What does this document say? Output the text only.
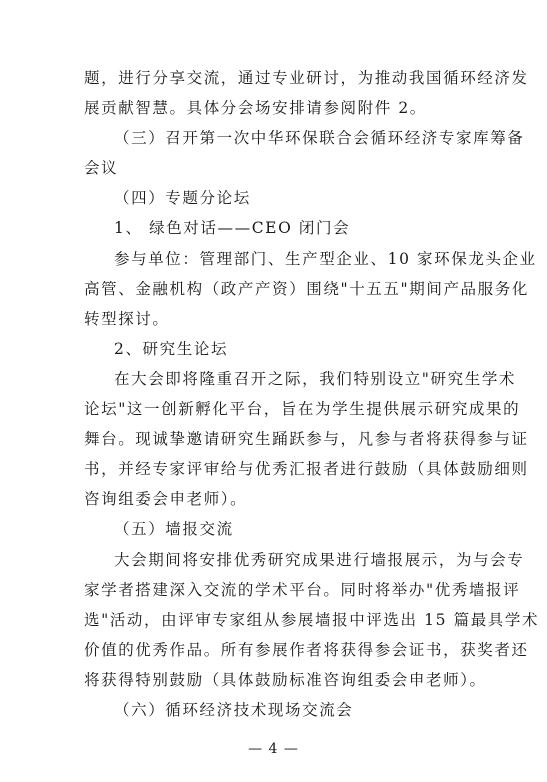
题，进行分享交流，通过专业研讨，为推动我国循环经济发
展贡献智慧。具体分会场安排请参阅附件 2。
（三）召开第一次中华环保联合会循环经济专家库筹备
会议
（四）专题分论坛
1、 绿色对话——CEO 闭门会
参与单位：管理部门、生产型企业、10 家环保龙头企业
高管、金融机构（政产产资）围绕"十五五"期间产品服务化
转型探讨。
2、研究生论坛
在大会即将隆重召开之际，我们特别设立"研究生学术
论坛"这一创新孵化平台，旨在为学生提供展示研究成果的
舞台。现诚挚邀请研究生踊跃参与，凡参与者将获得参与证
书，并经专家评审给与优秀汇报者进行鼓励（具体鼓励细则
咨询组委会申老师）。
（五）墙报交流
大会期间将安排优秀研究成果进行墙报展示，为与会专
家学者搭建深入交流的学术平台。同时将举办"优秀墙报评
选"活动，由评审专家组从参展墙报中评选出 15 篇最具学术
价值的优秀作品。所有参展作者将获得参会证书，获奖者还
将获得特别鼓励（具体鼓励标准咨询组委会申老师）。
（六）循环经济技术现场交流会
— 4 —
